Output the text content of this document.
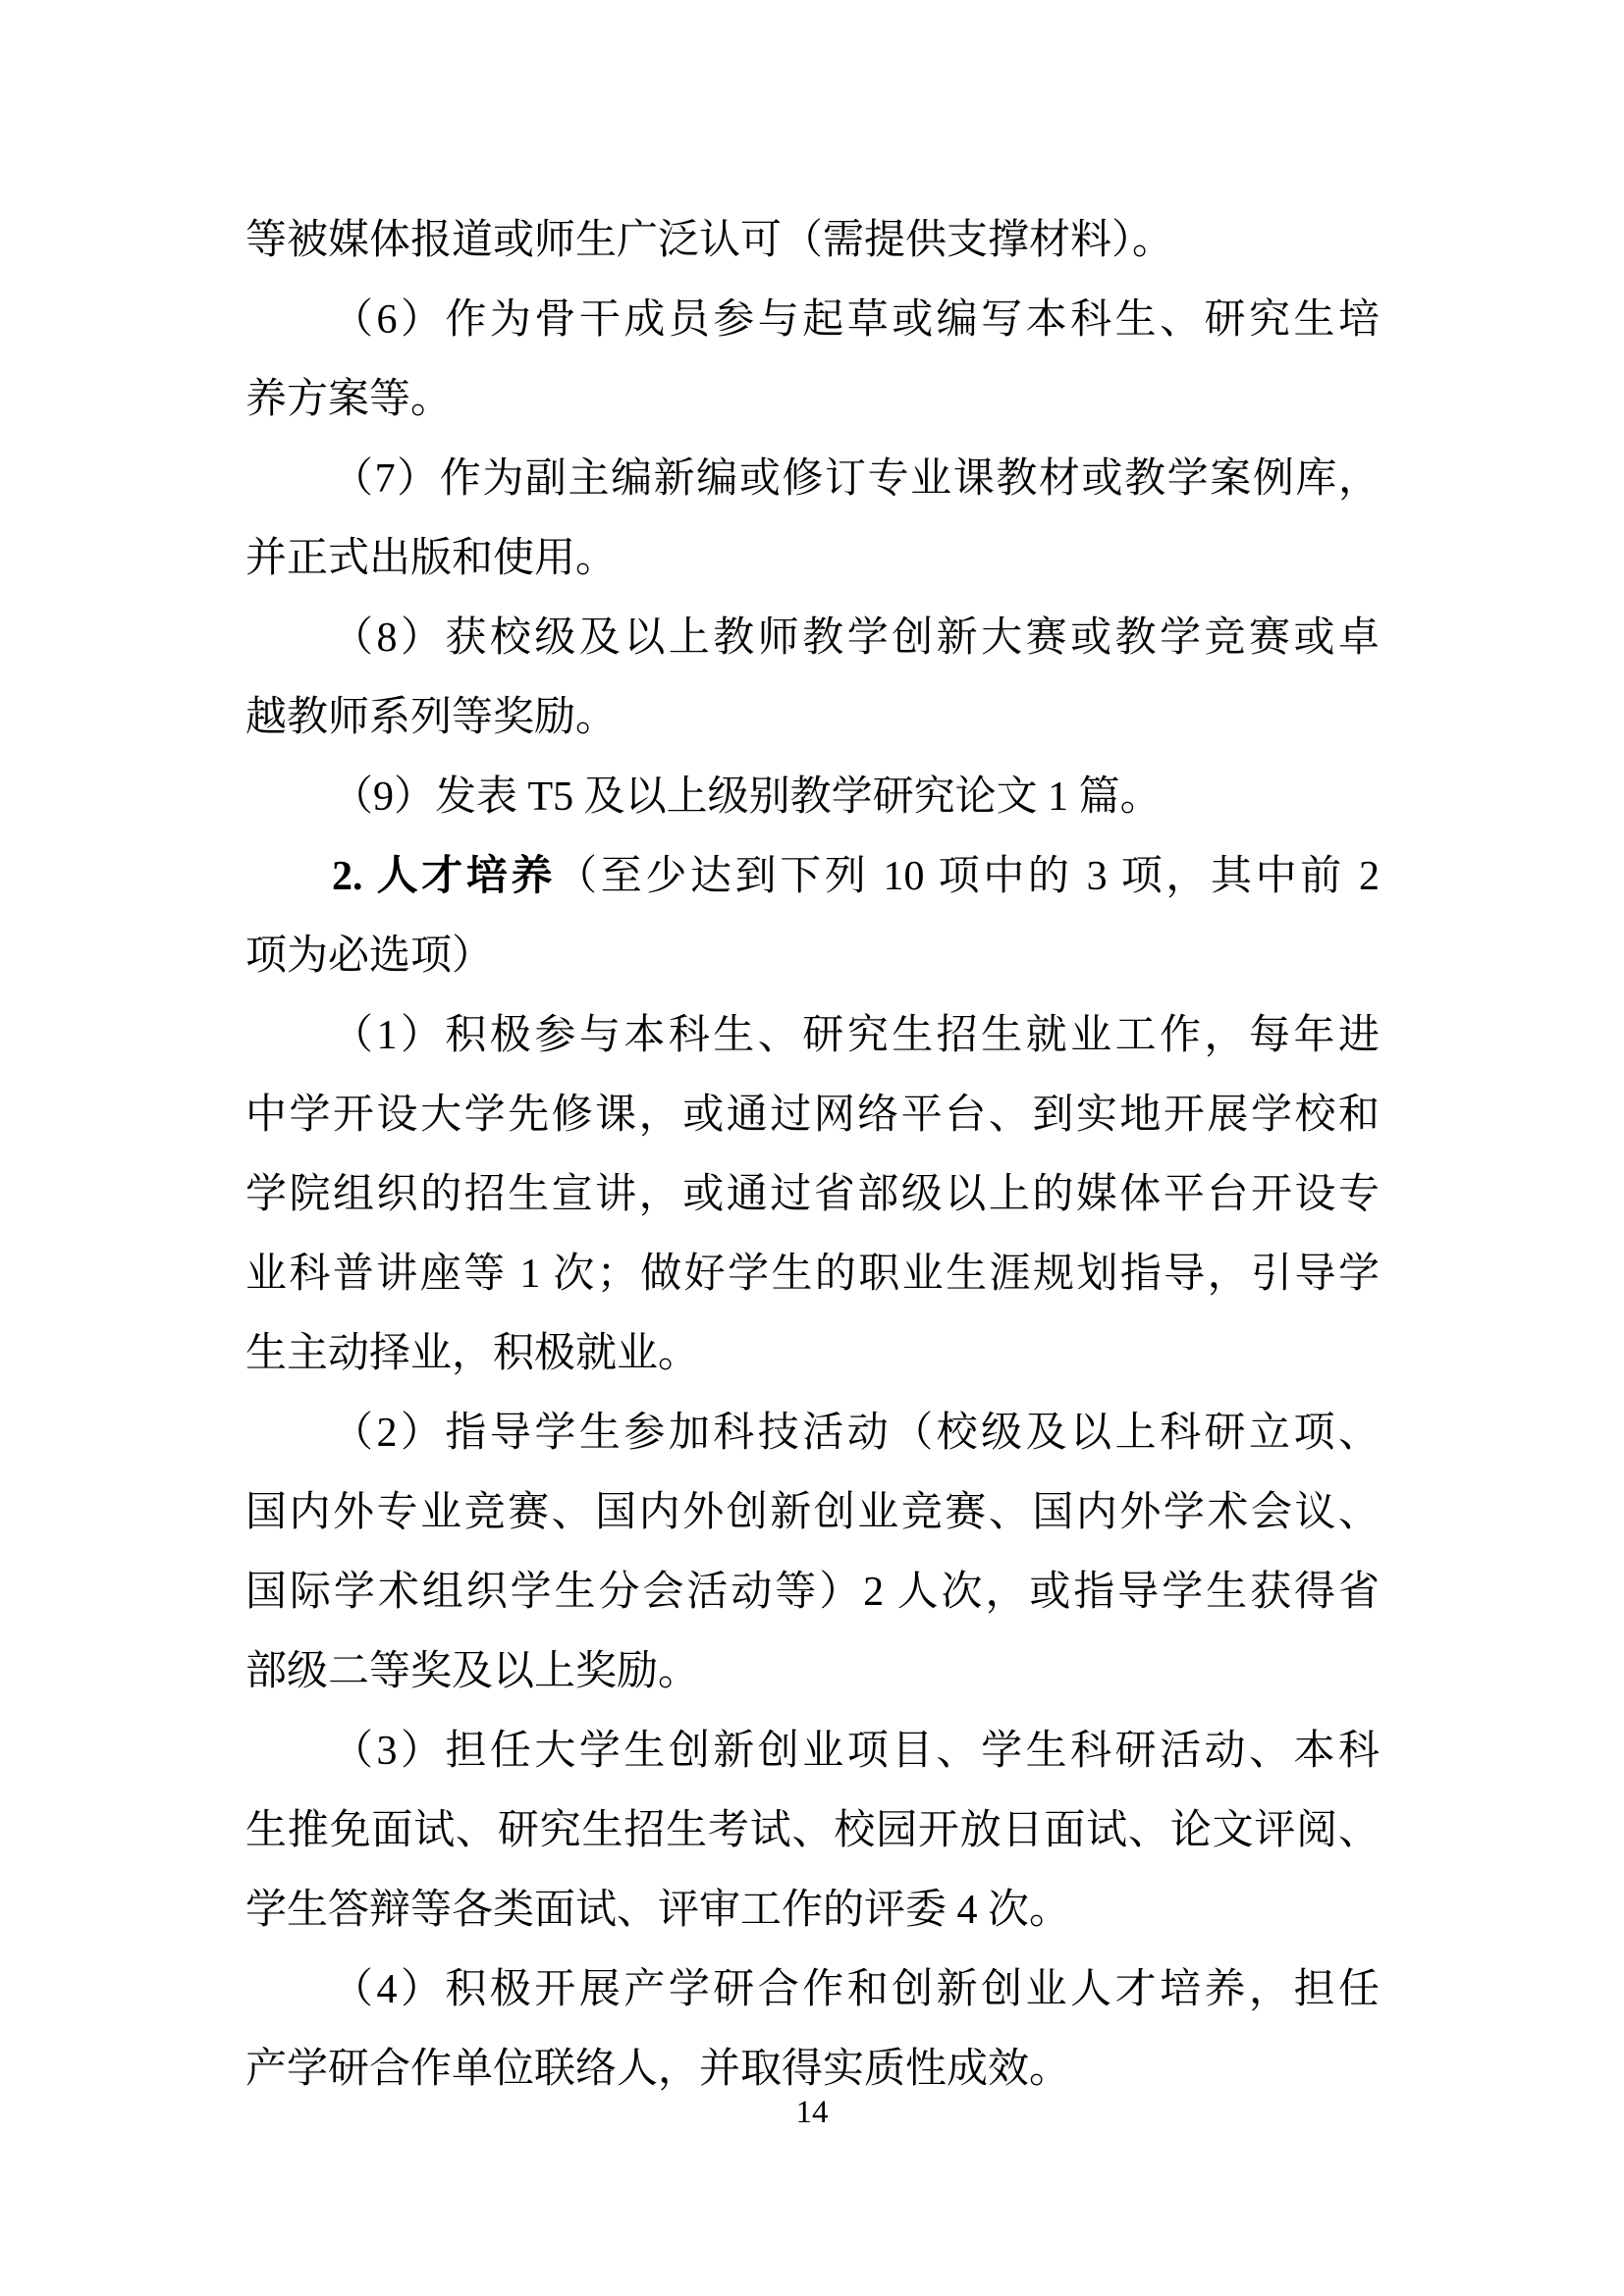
等被媒体报道或师生广泛认可（需提供支撑材料）。
（6）作为骨干成员参与起草或编写本科生、研究生培
养方案等。
（7）作为副主编新编或修订专业课教材或教学案例库，
并正式出版和使用。
（8）获校级及以上教师教学创新大赛或教学竞赛或卓
越教师系列等奖励。
（9）发表 T5 及以上级别教学研究论文 1 篇。
2. 人才培养（至少达到下列 10 项中的 3 项，其中前 2
项为必选项）
（1）积极参与本科生、研究生招生就业工作，每年进
中学开设大学先修课，或通过网络平台、到实地开展学校和
学院组织的招生宣讲，或通过省部级以上的媒体平台开设专
业科普讲座等 1 次；做好学生的职业生涯规划指导，引导学
生主动择业，积极就业。
（2）指导学生参加科技活动（校级及以上科研立项、
国内外专业竞赛、国内外创新创业竞赛、国内外学术会议、
国际学术组织学生分会活动等）2 人次，或指导学生获得省
部级二等奖及以上奖励。
（3）担任大学生创新创业项目、学生科研活动、本科
生推免面试、研究生招生考试、校园开放日面试、论文评阅、
学生答辩等各类面试、评审工作的评委 4 次。
（4）积极开展产学研合作和创新创业人才培养，担任
产学研合作单位联络人，并取得实质性成效。
14
